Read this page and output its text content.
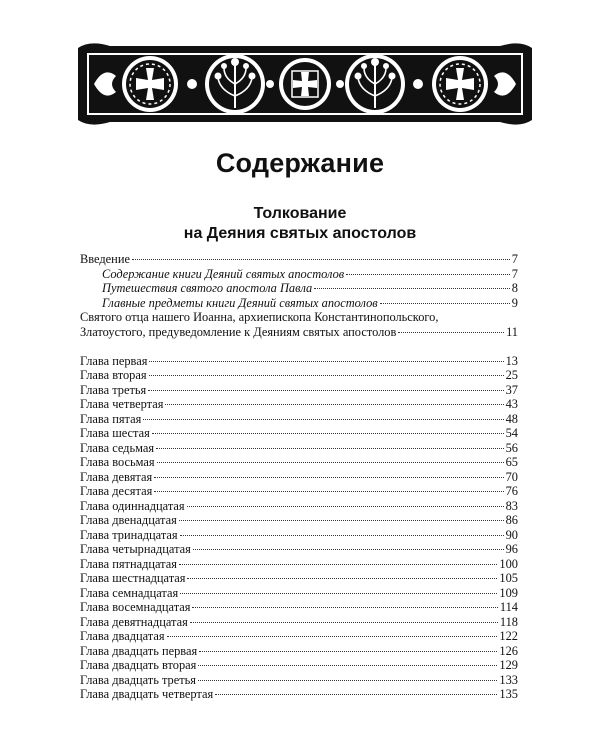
Содержание
Толкование
на Деяния святых апостолов
Введение	7
Содержание книги Деяний святых апостолов	7
Путешествия святого апостола Павла	8
Главные предметы книги Деяний святых апостолов	9
Святого отца нашего Иоанна, архиепископа Константинопольского,
Златоустого, предуведомление к Деяниям святых апостолов	11
Глава первая	13
Глава вторая	25
Глава третья	37
Глава четвертая	43
Глава пятая	48
Глава шестая	54
Глава седьмая	56
Глава восьмая	65
Глава девятая	70
Глава десятая	76
Глава одиннадцатая	83
Глава двенадцатая	86
Глава тринадцатая	90
Глава четырнадцатая	96
Глава пятнадцатая	100
Глава шестнадцатая	105
Глава семнадцатая	109
Глава восемнадцатая	114
Глава девятнадцатая	118
Глава двадцатая	122
Глава двадцать первая	126
Глава двадцать вторая	129
Глава двадцать третья	133
Глава двадцать четвертая	135
